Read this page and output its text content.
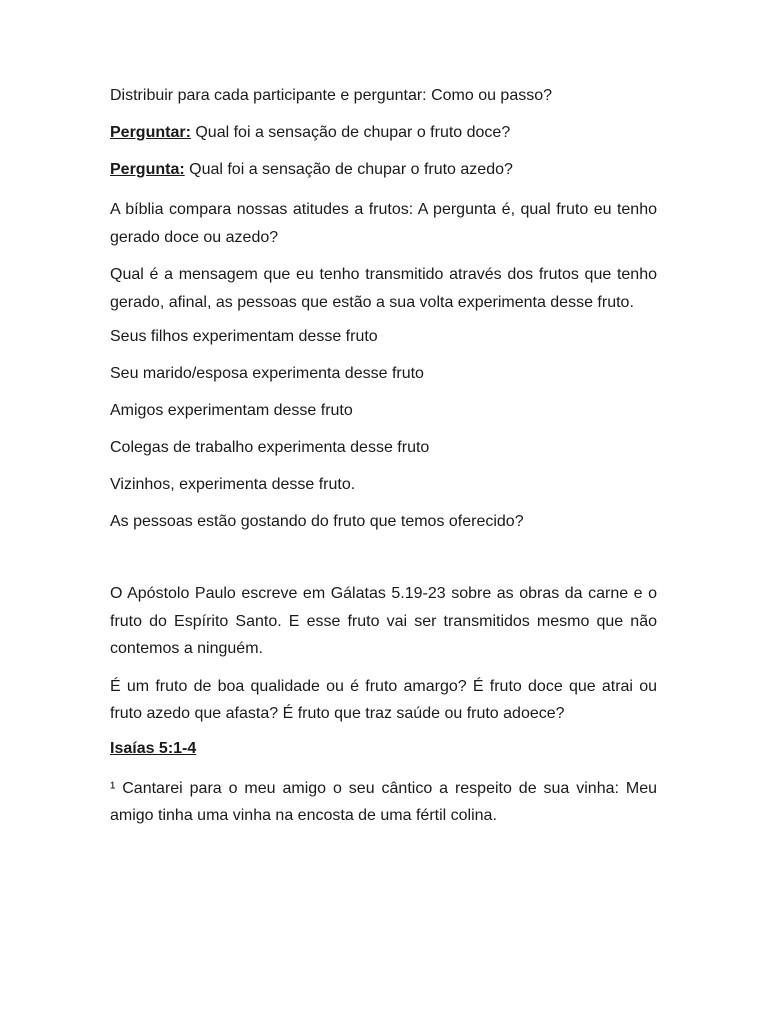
Distribuir para cada participante e perguntar: Como ou passo?

Perguntar: Qual foi a sensação de chupar o fruto doce?

Pergunta: Qual foi a sensação de chupar o fruto azedo?

A bíblia compara nossas atitudes a frutos: A pergunta é, qual fruto eu tenho gerado doce ou azedo?

Qual é a mensagem que eu tenho transmitido através dos frutos que tenho gerado, afinal, as pessoas que estão a sua volta experimenta desse fruto.

Seus filhos experimentam desse fruto

Seu marido/esposa experimenta desse fruto

Amigos experimentam desse fruto

Colegas de trabalho experimenta desse fruto

Vizinhos, experimenta desse fruto.

As pessoas estão gostando do fruto que temos oferecido?

O Apóstolo Paulo escreve em Gálatas 5.19-23 sobre as obras da carne e o fruto do Espírito Santo. E esse fruto vai ser transmitidos mesmo que não contemos a ninguém.

É um fruto de boa qualidade ou é fruto amargo? É fruto doce que atrai ou fruto azedo que afasta? É fruto que traz saúde ou fruto adoece?

Isaías 5:1-4

¹ Cantarei para o meu amigo o seu cântico a respeito de sua vinha: Meu amigo tinha uma vinha na encosta de uma fértil colina.
